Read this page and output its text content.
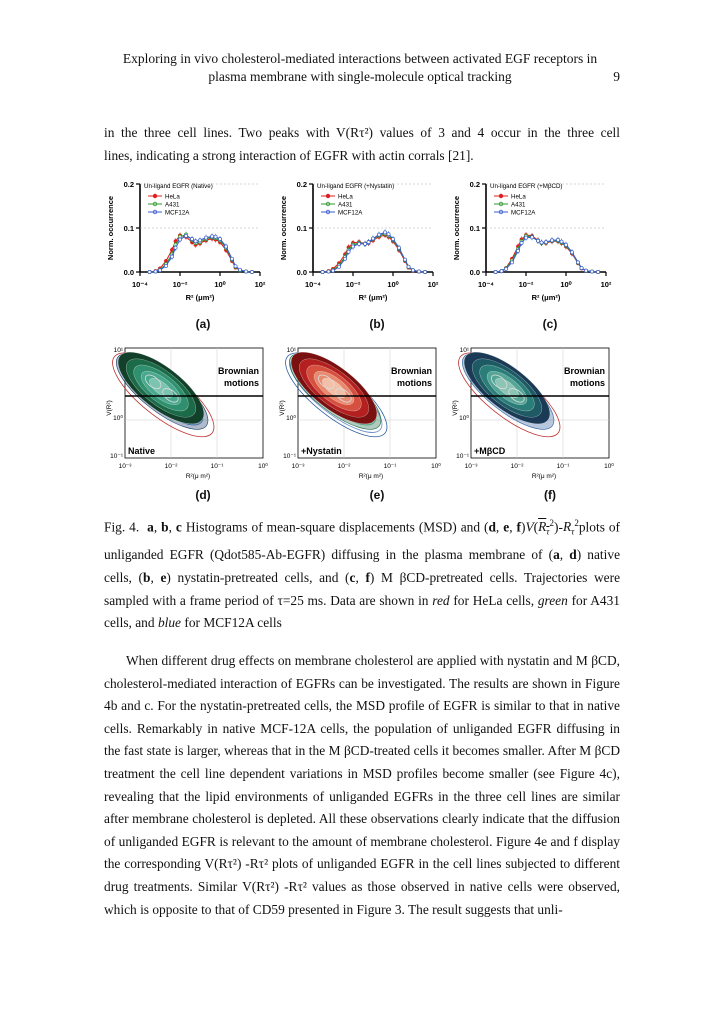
Exploring in vivo cholesterol-mediated interactions between activated EGF receptors in
plasma membrane with single-molecule optical tracking	9

in the three cell lines. Two peaks with V(Rτ²) values of 3 and 4 occur in the three cell

lines, indicating a strong interaction of EGFR with actin corrals [21].

0.0
0.1
0.2
10⁻⁴	10⁻²	10⁰	10²
R² (μm²)
Norm. occurrence
Un-ligand EGFR (Native)
HeLa
A431
MCF12A
0.0
0.1
0.2
10⁻⁴	10⁻²	10⁰	10²
R² (μm²)
Norm. occurrence
Un-ligand EGFR (+Nystatin)
HeLa
A431
MCF12A
0.0
0.1
0.2
10⁻⁴	10⁻²	10⁰	10²
R² (μm²)
Norm. occurrence
Un-ligand EGFR (+MβCD)
HeLa
A431
MCF12A
(a)	(b)	(c)
Brownian
motions
Native
10¹
10⁰
10⁻¹
10⁻³	10⁻²	10⁻¹	10⁰
R²(μ m²)
V(R²)
Brownian
motions
+Nystatin
10¹
10⁰
10⁻¹
10⁻³	10⁻²	10⁻¹	10⁰
R²(μ m²)
V(R²)
Brownian
motions
+MβCD
10¹
10⁰
10⁻¹
10⁻³	10⁻²	10⁻¹	10⁰
R²(μ m²)
V(R²)
(d)	(e)	(f)
Fig. 4. a, b, c Histograms of mean-square displacements (MSD) and (d, e, $f)V(R_\tau^2)-R_\tau^2plots$ of unliganded EGFR (Qdot585-Ab-EGFR) diffusing in the plasma membrane of (a, d) native cells, (b, e) nystatin-pretreated cells, and (c, f) M βCD-pretreated cells. Trajectories were sampled with a frame period of τ=25 ms. Data are shown in red for HeLa cells, green for A431 cells, and blue for MCF12A cells

When different drug effects on membrane cholesterol are applied with nystatin and M βCD, cholesterol-mediated interaction of EGFRs can be investigated. The results are shown in Figure 4b and c. For the nystatin-pretreated cells, the MSD profile of EGFR is similar to that in native cells. Remarkably in native MCF-12A cells, the population of unliganded EGFR diffusing in the fast state is larger, whereas that in the M βCD-treated cells it becomes smaller. After M βCD treatment the cell line dependent variations in MSD profiles become smaller (see Figure 4c), revealing that the lipid environments of unliganded EGFRs in the three cell lines are similar after membrane cholesterol is depleted. All these observations clearly indicate that the diffusion of unliganded EGFR is relevant to the amount of membrane cholesterol. Figure 4e and f display the corresponding V(Rτ²) -Rτ² plots of unliganded EGFR in the cell lines subjected to different drug treatments. Similar V(Rτ²) -Rτ² values as those observed in native cells were observed, which is opposite to that of CD59 presented in Figure 3. The result suggests that unli-
